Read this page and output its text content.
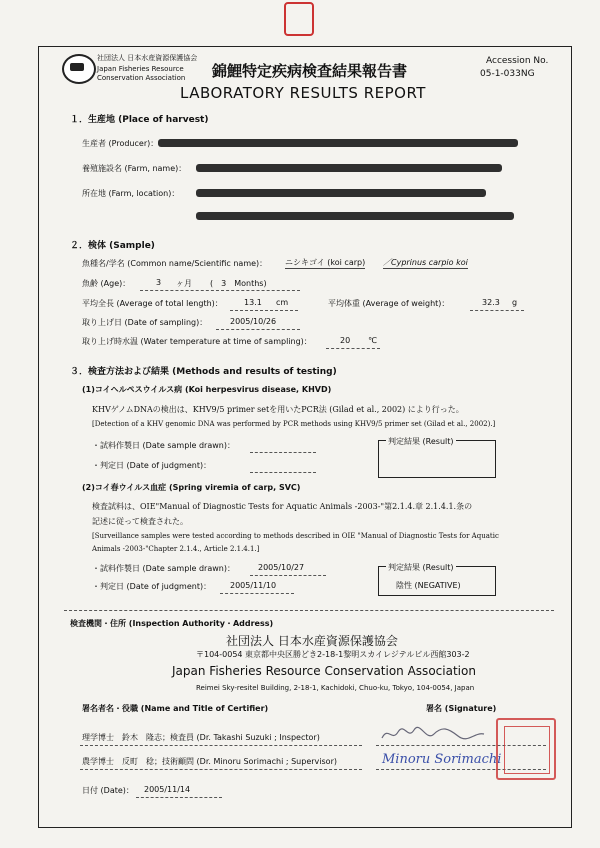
社団法人 日本水産資源保護協会
Japan Fisheries Resource
Conservation Association 錦鯉特定疾病検査結果報告書
LABORATORY RESULTS REPORT
Accession No.
05-1-033NG
１．生産地 (Place of harvest)
生産者 (Producer)：
養殖施設名 (Farm, name)：
所在地 (Farm, location)：
２．検体 (Sample)
魚種名/学名 (Common name/Scientific name)： ニシキゴイ (koi carp) ／Cyprinus carpio koi
魚齢 (Age)：	3 ヶ月 (　3　Months)
平均全長 (Average of total length)：	13.1 cm	平均体重 (Average of weight)：	32.3 g
取り上げ日 (Date of sampling)：	2005/10/26
取り上げ時水温 (Water temperature at time of sampling)：	20 ℃
３．検査方法および結果 (Methods and results of testing)
(1)コイヘルペスウイルス病 (Koi herpesvirus disease, KHVD)
KHVゲノムDNAの検出は、KHV9/5 primer setを用いたPCR法 (Gilad et al., 2002) により行った。
[Detection of a KHV genomic DNA was performed by PCR methods using KHV9/5 primer set (Gilad et al., 2002).]
・試料作製日 (Date sample drawn)：
・判定日 (Date of judgment)：
判定結果 (Result)
(2)コイ春ウイルス血症 (Spring viremia of carp, SVC)
検査試料は、OIE"Manual of Diagnostic Tests for Aquatic Animals -2003-"第2.1.4.章 2.1.4.1.条の
記述に従って検査された。
[Surveillance samples were tested according to methods described in OIE "Manual of Diagnostic Tests for Aquatic
Animals -2003-"Chapter 2.1.4., Article 2.1.4.1.]
・試料作製日 (Date sample drawn)：	2005/10/27
・判定日 (Date of judgment)： 2005/11/10
判定結果 (Result)
陰性 (NEGATIVE)
検査機関・住所 (Inspection Authority・Address)
社団法人 日本水産資源保護協会
〒104-0054 東京都中央区勝どき2-18-1黎明スカイレジテルビル西館303-2
Japan Fisheries Resource Conservation Association
Reimei Sky-resitel Building, 2-18-1, Kachidoki, Chuo-ku, Tokyo, 104-0054, Japan
署名者名・役職 (Name and Title of Certifier)	署名 (Signature)
理学博士　鈴木　隆志；検査員 (Dr. Takashi Suzuki ; Inspector)
農学博士　反町　稔；技術顧問 (Dr. Minoru Sorimachi ; Supervisor)	Minoru Sorimachi
日付 (Date)： 2005/11/14
